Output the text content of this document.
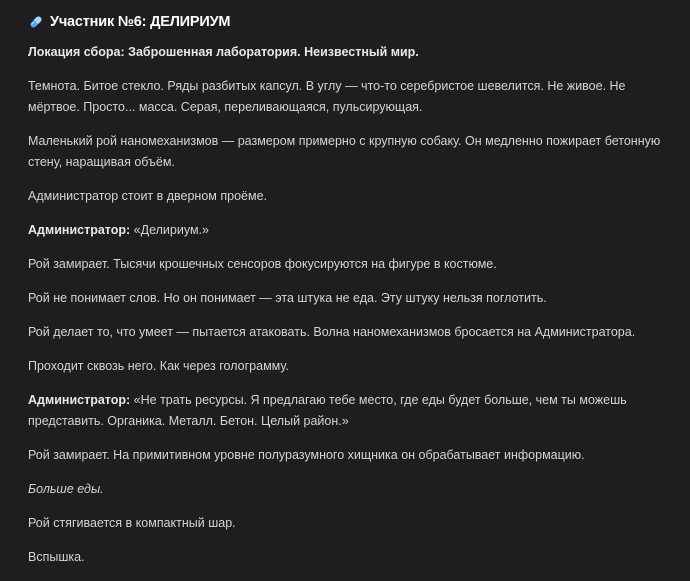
Участник №6: ДЕЛИРИУМ

Локация сбора: Заброшенная лаборатория. Неизвестный мир.

Темнота. Битое стекло. Ряды разбитых капсул. В углу — что-то серебристое шевелится. Не живое. Не мёртвое. Просто... масса. Серая, переливающаяся, пульсирующая.

Маленький рой наномеханизмов — размером примерно с крупную собаку. Он медленно пожирает бетонную стену, наращивая объём.

Администратор стоит в дверном проёме.

Администратор: «Делириум.»

Рой замирает. Тысячи крошечных сенсоров фокусируются на фигуре в костюме.

Рой не понимает слов. Но он понимает — эта штука не еда. Эту штуку нельзя поглотить.

Рой делает то, что умеет — пытается атаковать. Волна наномеханизмов бросается на Администратора.

Проходит сквозь него. Как через голограмму.

Администратор: «Не трать ресурсы. Я предлагаю тебе место, где еды будет больше, чем ты можешь представить. Органика. Металл. Бетон. Целый район.»

Рой замирает. На примитивном уровне полуразумного хищника он обрабатывает информацию.

Больше еды.

Рой стягивается в компактный шар.

Вспышка.
